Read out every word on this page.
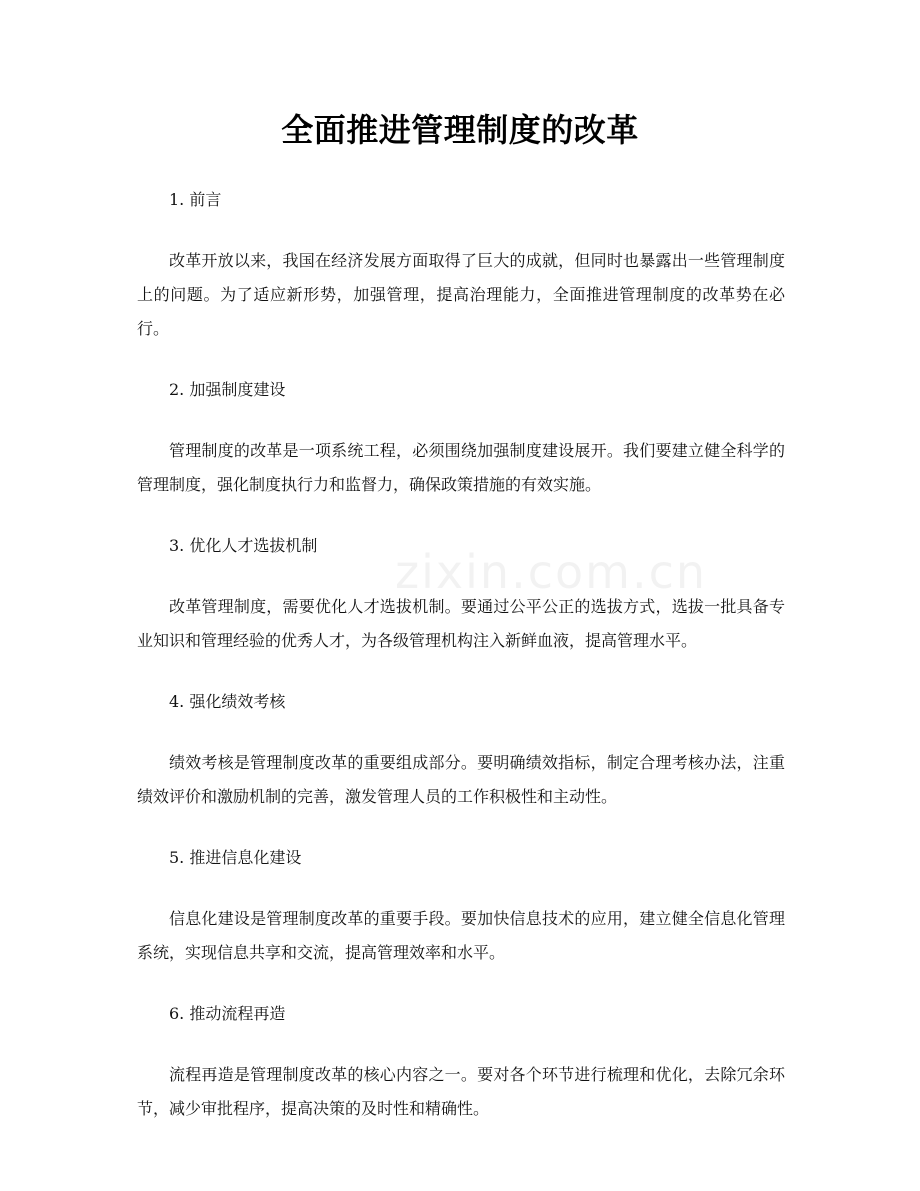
全面推进管理制度的改革
zixin.com.cn

1. 前言

改革开放以来，我国在经济发展方面取得了巨大的成就，但同时也暴露出一些管理制度上的问题。为了适应新形势，加强管理，提高治理能力，全面推进管理制度的改革势在必行。

2. 加强制度建设

管理制度的改革是一项系统工程，必须围绕加强制度建设展开。我们要建立健全科学的管理制度，强化制度执行力和监督力，确保政策措施的有效实施。

3. 优化人才选拔机制

改革管理制度，需要优化人才选拔机制。要通过公平公正的选拔方式，选拔一批具备专业知识和管理经验的优秀人才，为各级管理机构注入新鲜血液，提高管理水平。

4. 强化绩效考核

绩效考核是管理制度改革的重要组成部分。要明确绩效指标，制定合理考核办法，注重绩效评价和激励机制的完善，激发管理人员的工作积极性和主动性。

5. 推进信息化建设

信息化建设是管理制度改革的重要手段。要加快信息技术的应用，建立健全信息化管理系统，实现信息共享和交流，提高管理效率和水平。

6. 推动流程再造

流程再造是管理制度改革的核心内容之一。要对各个环节进行梳理和优化，去除冗余环节，减少审批程序，提高决策的及时性和精确性。
